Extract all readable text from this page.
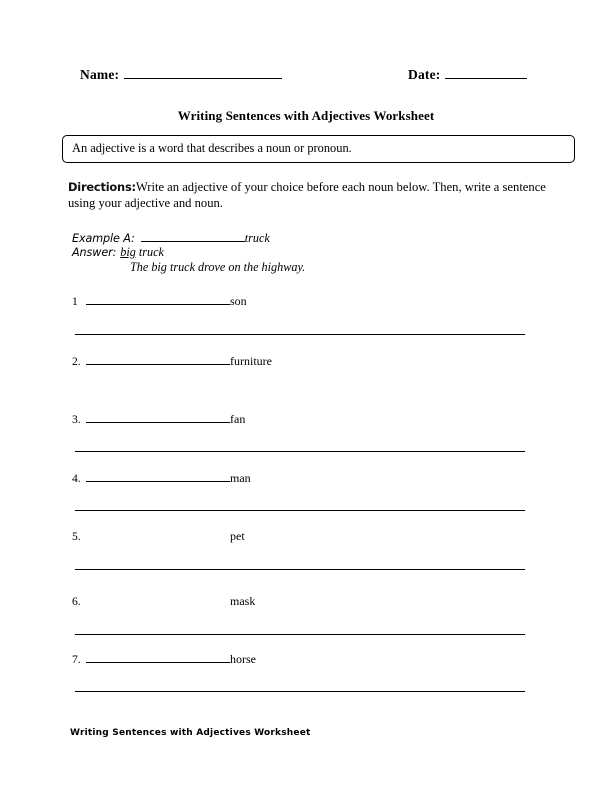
Name:	Date:
Writing Sentences with Adjectives Worksheet
An adjective is a word that describes a noun or pronoun.
Directions:Write an adjective of your choice before each noun below. Then, write a sentence using your adjective and noun.
Example A:	truck
Answer: big truck
The big truck drove on the highway.
1	son
2.	furniture
3.	fan
4.	man
5.	pet
6.	mask
7.	horse
Writing Sentences with Adjectives Worksheet
